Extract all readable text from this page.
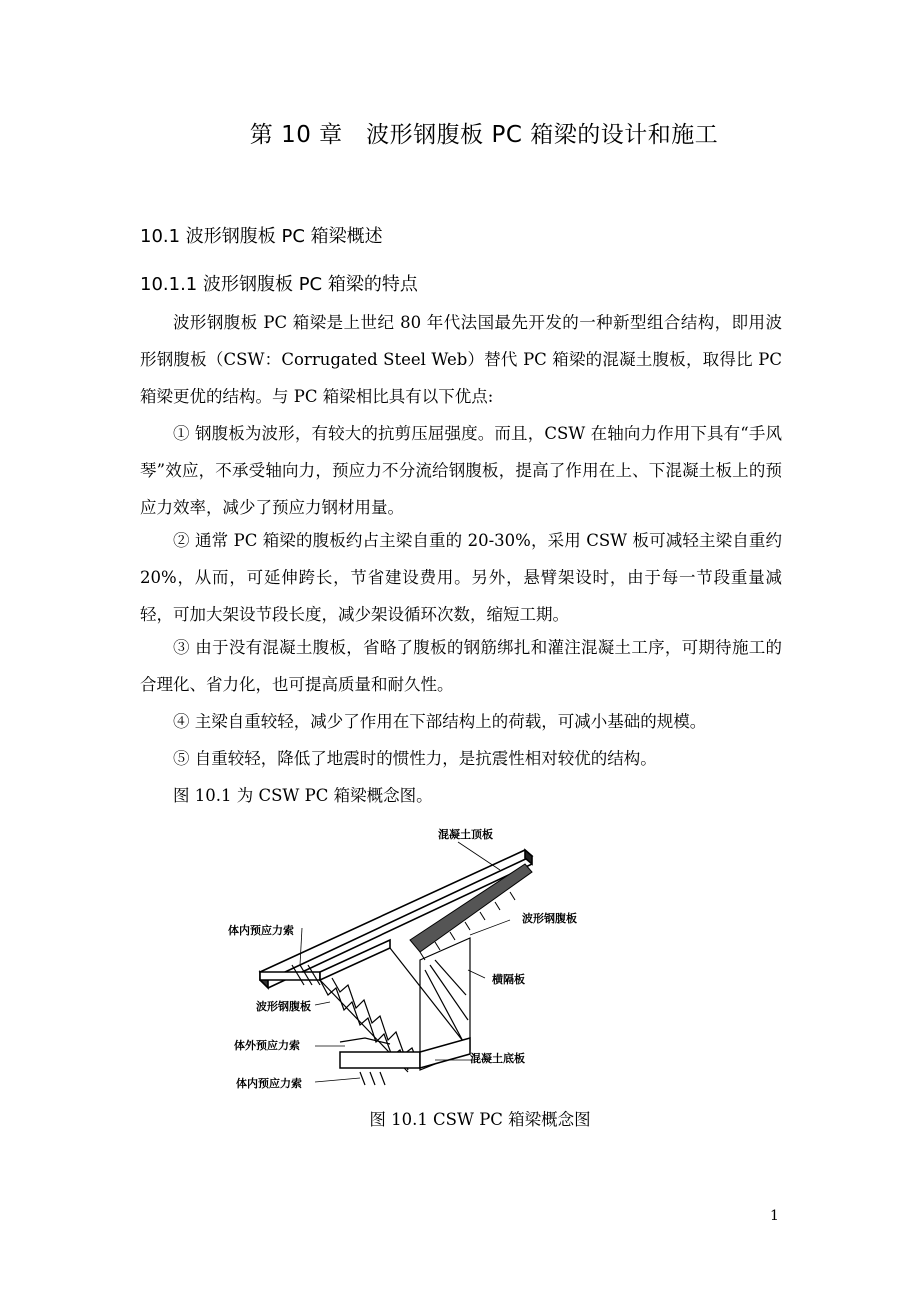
第 10 章　波形钢腹板 PC 箱梁的设计和施工
10.1 波形钢腹板 PC 箱梁概述
10.1.1 波形钢腹板 PC 箱梁的特点
波形钢腹板 PC 箱梁是上世纪 80 年代法国最先开发的一种新型组合结构，即用波形钢腹板（CSW：Corrugated Steel Web）替代 PC 箱梁的混凝土腹板，取得比 PC 箱梁更优的结构。与 PC 箱梁相比具有以下优点:
① 钢腹板为波形，有较大的抗剪压屈强度。而且，CSW 在轴向力作用下具有“手风琴”效应，不承受轴向力，预应力不分流给钢腹板，提高了作用在上、下混凝土板上的预应力效率，减少了预应力钢材用量。
② 通常 PC 箱梁的腹板约占主梁自重的 20-30%，采用 CSW 板可减轻主梁自重约 20%，从而，可延伸跨长，节省建设费用。另外，悬臂架设时，由于每一节段重量减轻，可加大架设节段长度，减少架设循环次数，缩短工期。
③ 由于没有混凝土腹板，省略了腹板的钢筋绑扎和灌注混凝土工序，可期待施工的合理化、省力化，也可提高质量和耐久性。
④ 主梁自重较轻，减少了作用在下部结构上的荷载，可减小基础的规模。
⑤ 自重较轻，降低了地震时的惯性力，是抗震性相对较优的结构。
图 10.1 为 CSW PC 箱梁概念图。
混凝土顶板
波形钢腹板
体内预应力索
横隔板
波形钢腹板
体外预应力索
混凝土底板
体内预应力索
图 10.1 CSW PC 箱梁概念图
1
